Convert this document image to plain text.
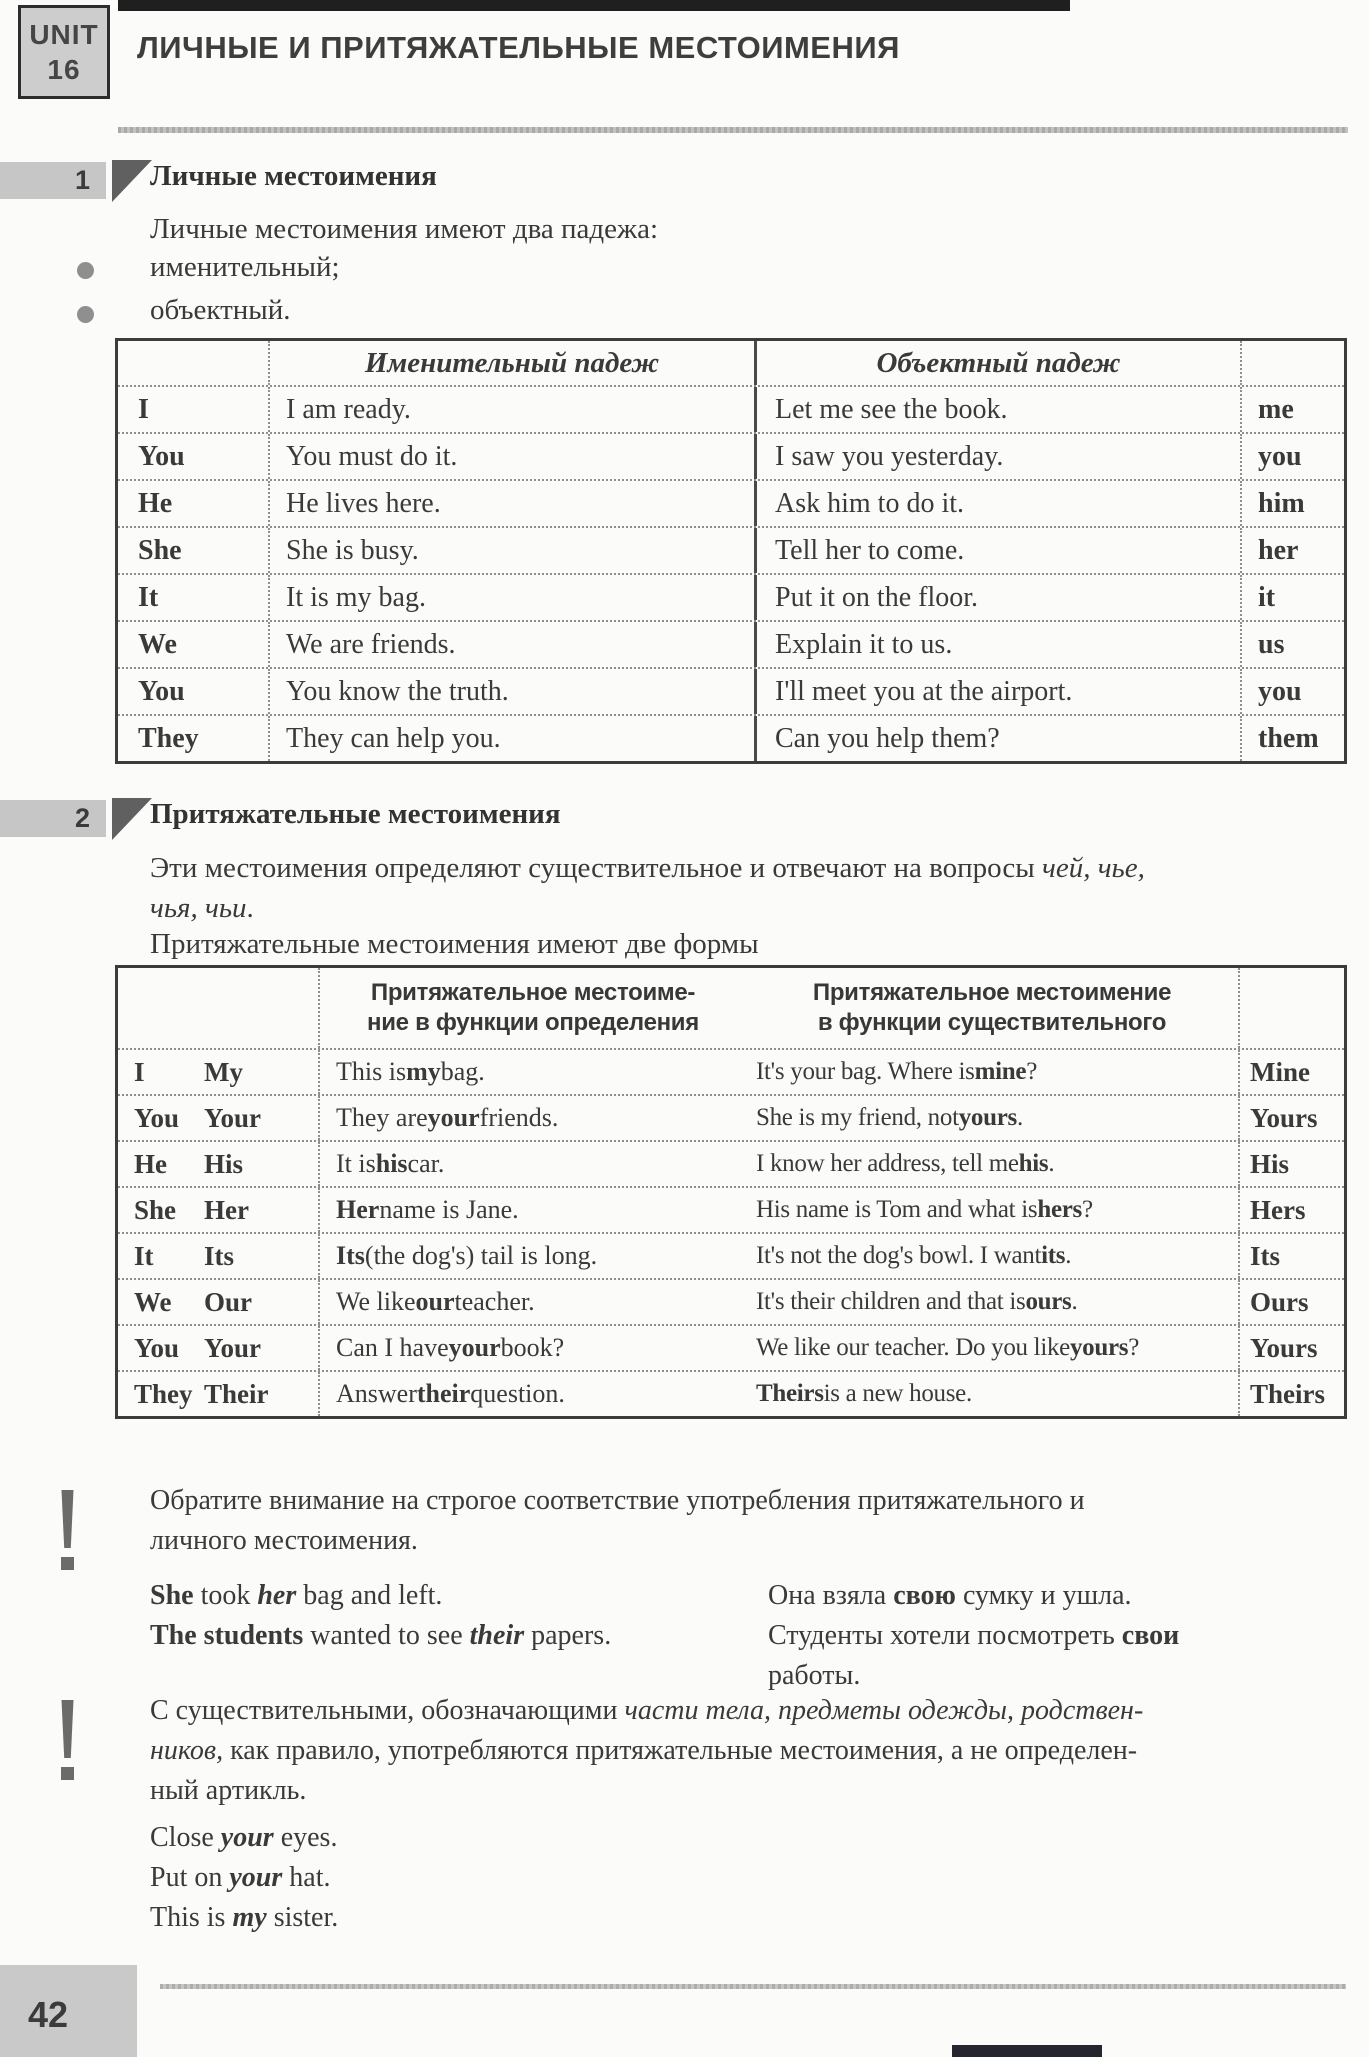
UNIT
16
ЛИЧНЫЕ И ПРИТЯЖАТЕЛЬНЫЕ МЕСТОИМЕНИЯ
1 Личные местоимения
Личные местоимения имеют два падежа:
именительный;
объектный.
Именительный падеж	Объектный падеж
I	I am ready.	Let me see the book.	me
You	You must do it.	I saw you yesterday.	you
He	He lives here.	Ask him to do it.	him
She	She is busy.	Tell her to come.	her
It	It is my bag.	Put it on the floor.	it
We	We are friends.	Explain it to us.	us
You	You know the truth.	I'll meet you at the airport.	you
They	They can help you.	Can you help them?	them
2 Притяжательные местоимения
Эти местоимения определяют существительное и отвечают на вопросы чей, чье,
чья, чьи.
Притяжательные местоимения имеют две формы
Притяжательное местоиме-
ние в функции определения
Притяжательное местоимение
в функции существительного
I	My	This is my bag.	It's your bag. Where is mine ?	Mine
You Your	They are your friends.	She is my friend, not yours .	Yours
He	His	It is his car.	I know her address, tell me his .	His
She	Her	Her name is Jane.	His name is Tom and what is hers ?	Hers
It	Its	Its (the dog's) tail is long.	It's not the dog's bowl. I want its .	Its
We	Our	We like our teacher.	It's their children and that is ours .	Ours
You Your	Can I have your book?	We like our teacher. Do you like yours ?	Yours
They Their	Answer their question.	Theirs is a new house.	Theirs
Обратите внимание на строгое соответствие употребления притяжательного и
личного местоимения.
She took her bag and left.
The students wanted to see their papers.
Она взяла свою сумку и ушла.
Студенты хотели посмотреть свои
работы.
С существительными, обозначающими части тела, предметы одежды, родствен-
ников, как правило, употребляются притяжательные местоимения, а не определен-
ный артикль.
Close your eyes.
Put on your hat.
This is my sister.
42
